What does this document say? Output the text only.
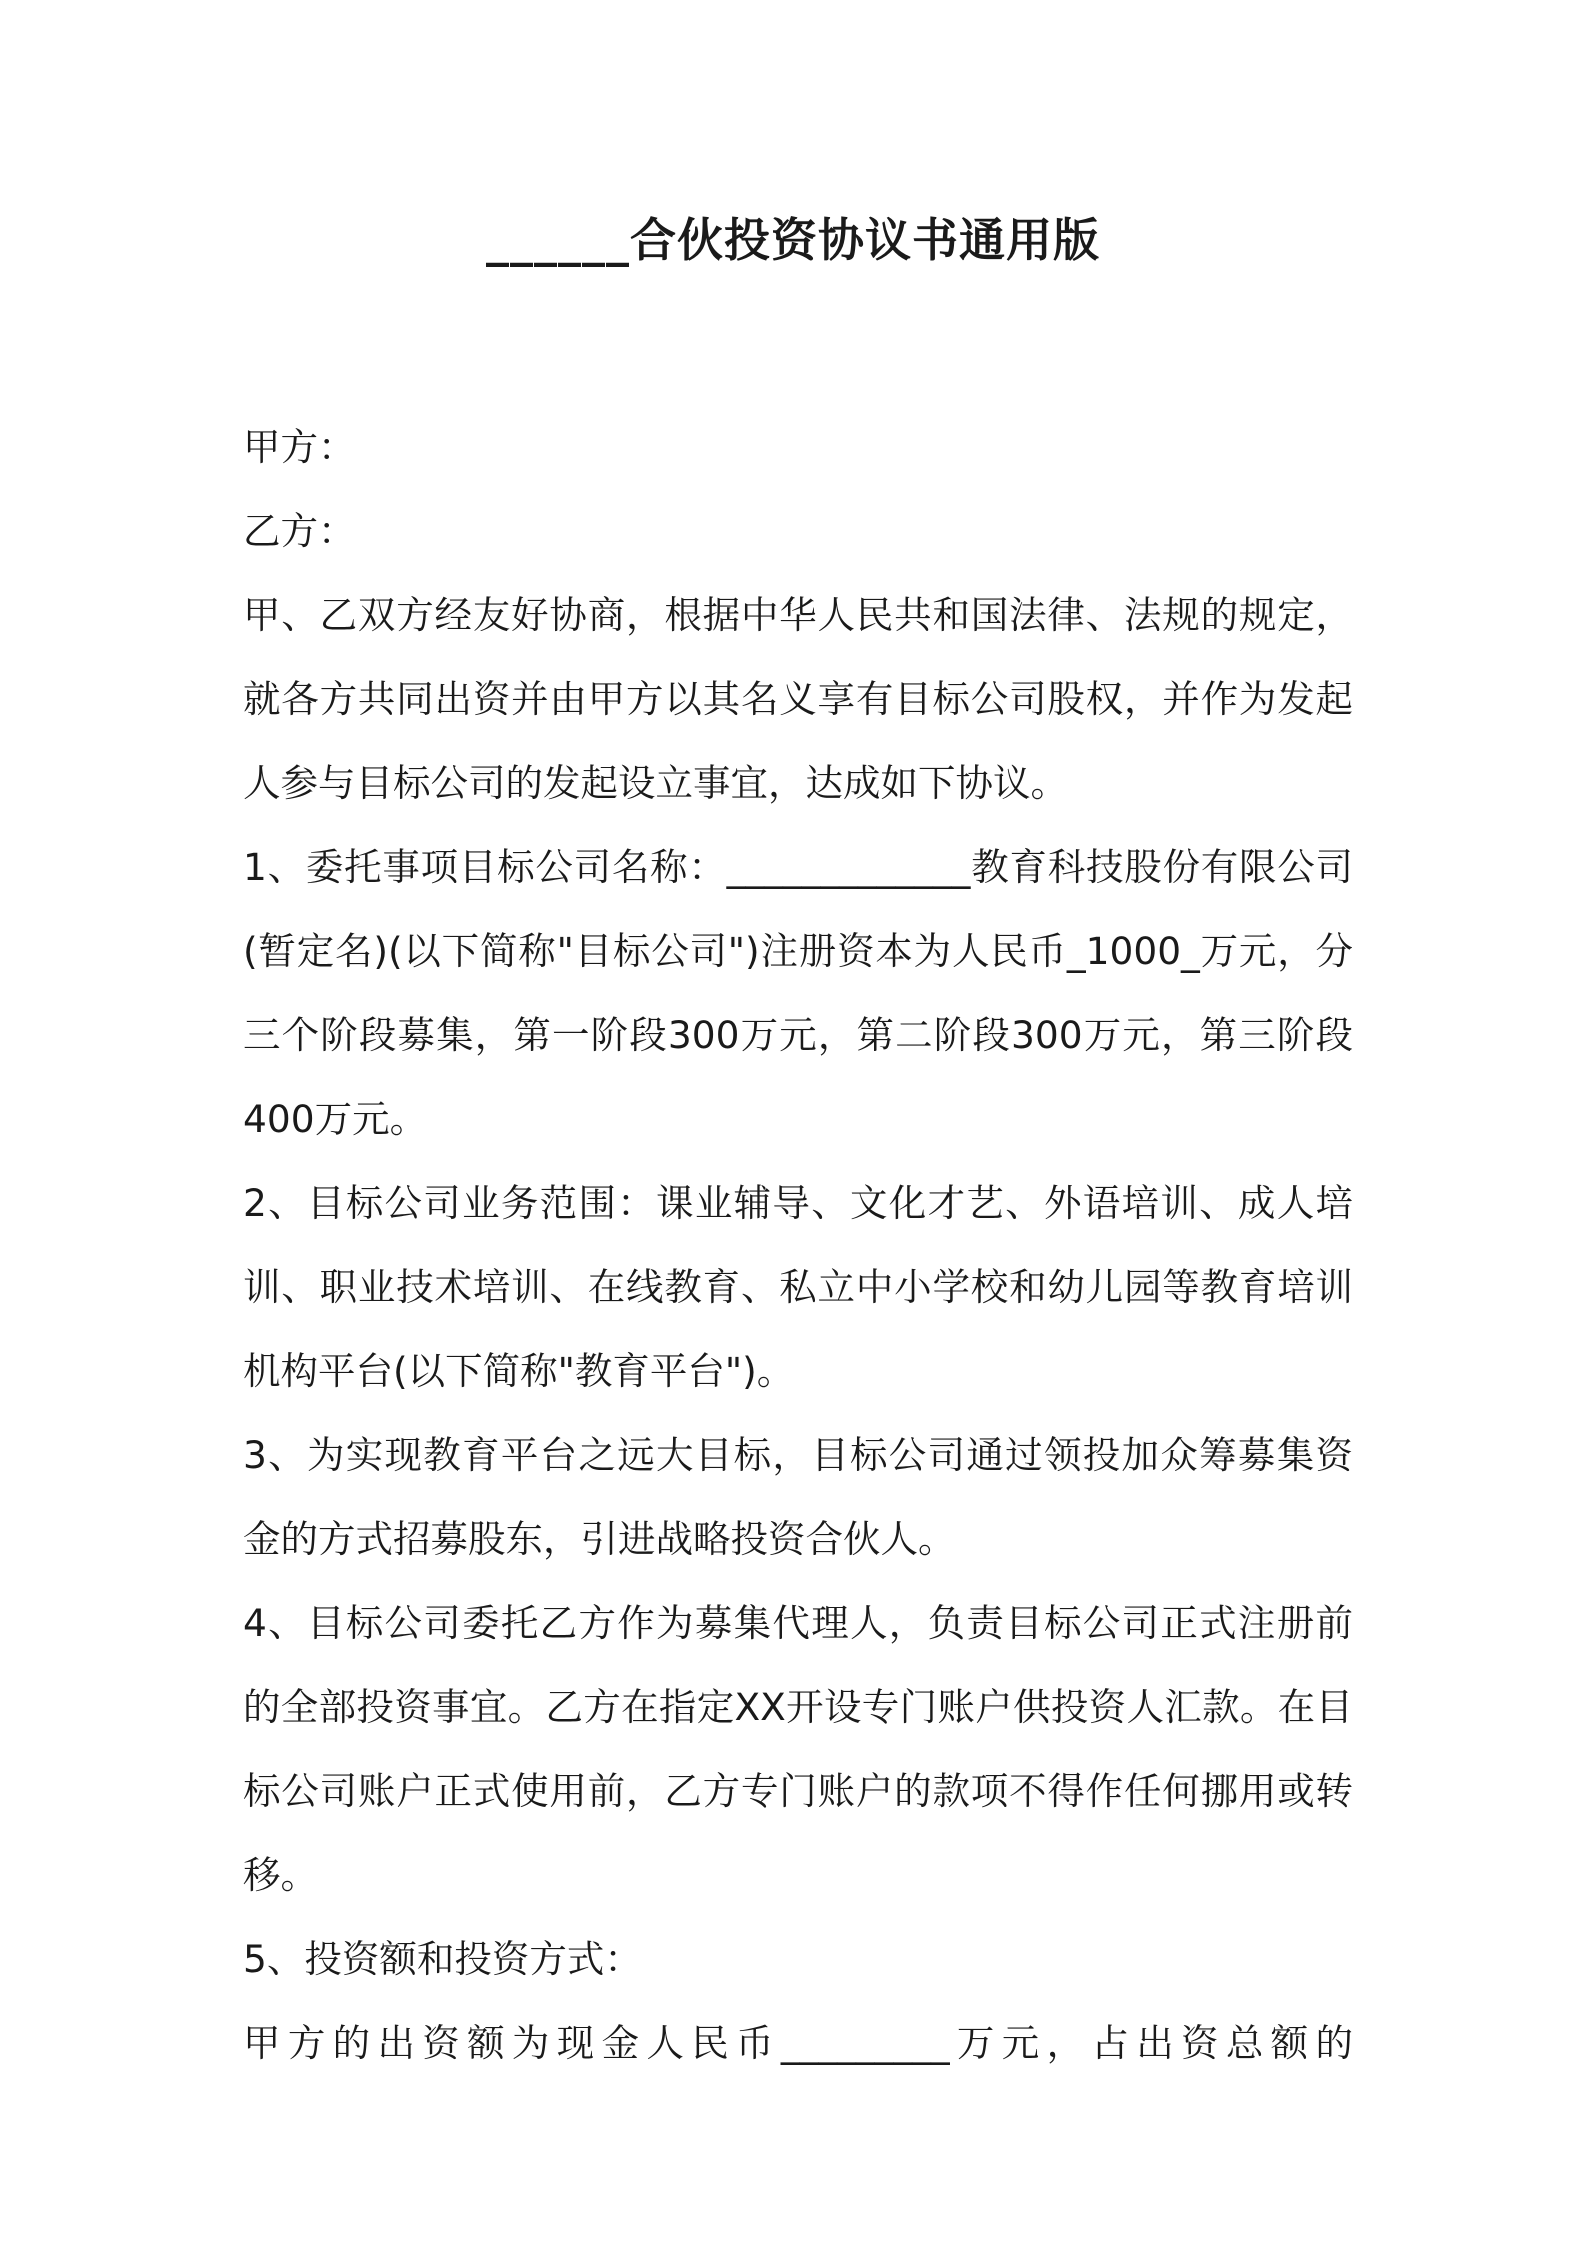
______合伙投资协议书通用版

甲方：

乙方：

甲、乙双方经友好协商，根据中华人民共和国法律、法规的规定，就各方共同出资并由甲方以其名义享有目标公司股权，并作为发起人参与目标公司的发起设立事宜，达成如下协议。

1、委托事项目标公司名称：_____________教育科技股份有限公司(暂定名)(以下简称"目标公司")注册资本为人民币_1000_万元，分三个阶段募集，第一阶段300万元，第二阶段300万元，第三阶段400万元。

2、目标公司业务范围：课业辅导、文化才艺、外语培训、成人培训、职业技术培训、在线教育、私立中小学校和幼儿园等教育培训机构平台(以下简称"教育平台")。

3、为实现教育平台之远大目标，目标公司通过领投加众筹募集资金的方式招募股东，引进战略投资合伙人。

4、目标公司委托乙方作为募集代理人，负责目标公司正式注册前的全部投资事宜。乙方在指定XX开设专门账户供投资人汇款。在目标公司账户正式使用前，乙方专门账户的款项不得作任何挪用或转移。

5、投资额和投资方式：

甲方的出资额为现金人民币_________万元，占出资总额的
